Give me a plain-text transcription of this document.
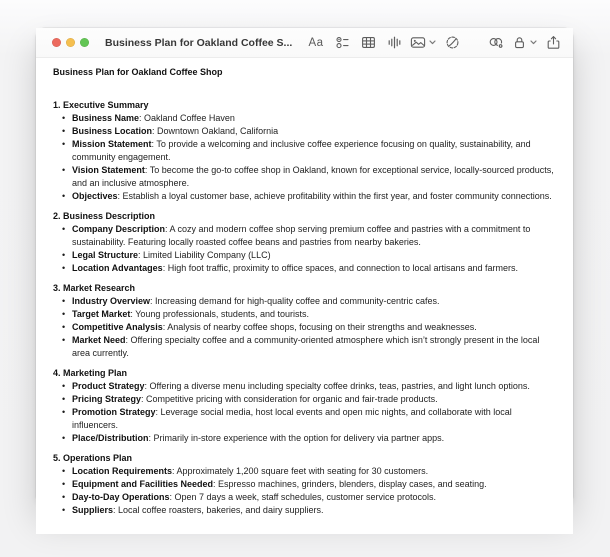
Business Plan for Oakland Coffee S... Aa
Business Plan for Oakland Coffee Shop
1. Executive Summary
• Business Name: Oakland Coffee Haven
• Business Location: Downtown Oakland, California
• Mission Statement: To provide a welcoming and inclusive coffee experience focusing on quality, sustainability, and community engagement.
• Vision Statement: To become the go-to coffee shop in Oakland, known for exceptional service, locally-sourced products, and an inclusive atmosphere.
• Objectives: Establish a loyal customer base, achieve profitability within the first year, and foster community connections.
2. Business Description
• Company Description: A cozy and modern coffee shop serving premium coffee and pastries with a commitment to sustainability. Featuring locally roasted coffee beans and pastries from nearby bakeries.
• Legal Structure: Limited Liability Company (LLC)
• Location Advantages: High foot traffic, proximity to office spaces, and connection to local artisans and farmers.
3. Market Research
• Industry Overview: Increasing demand for high-quality coffee and community-centric cafes.
• Target Market: Young professionals, students, and tourists.
• Competitive Analysis: Analysis of nearby coffee shops, focusing on their strengths and weaknesses.
• Market Need: Offering specialty coffee and a community-oriented atmosphere which isn’t strongly present in the local area currently.
4. Marketing Plan
• Product Strategy: Offering a diverse menu including specialty coffee drinks, teas, pastries, and light lunch options.
• Pricing Strategy: Competitive pricing with consideration for organic and fair-trade products.
• Promotion Strategy: Leverage social media, host local events and open mic nights, and collaborate with local influencers.
• Place/Distribution: Primarily in-store experience with the option for delivery via partner apps.
5. Operations Plan
• Location Requirements: Approximately 1,200 square feet with seating for 30 customers.
• Equipment and Facilities Needed: Espresso machines, grinders, blenders, display cases, and seating.
• Day-to-Day Operations: Open 7 days a week, staff schedules, customer service protocols.
• Suppliers: Local coffee roasters, bakeries, and dairy suppliers.
